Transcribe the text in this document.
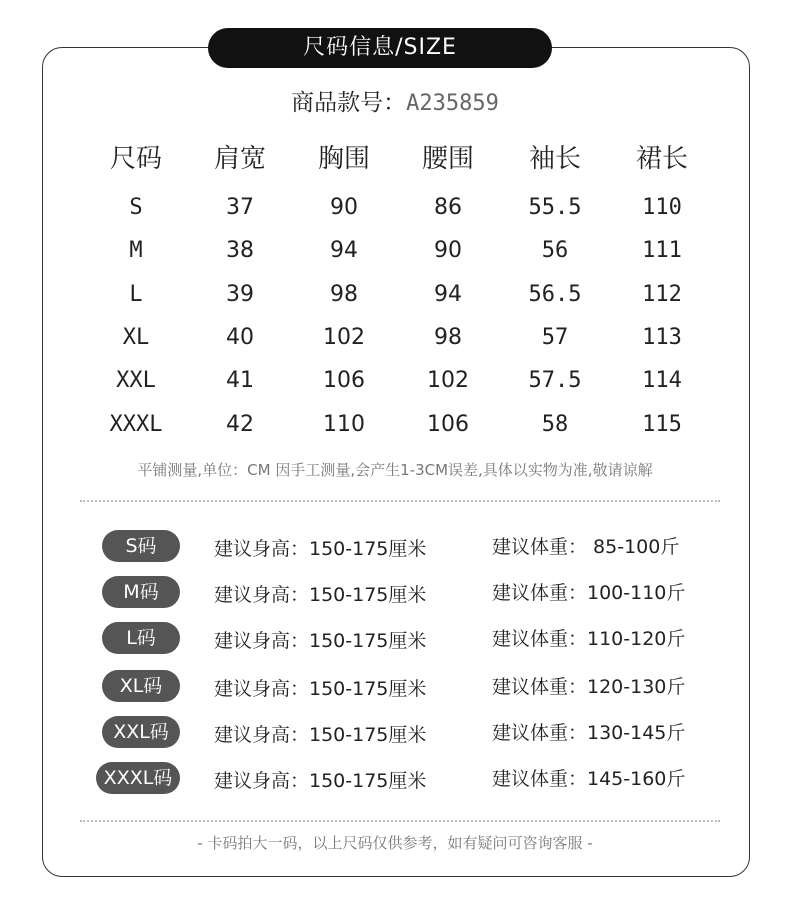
尺码信息/SIZE
商品款号：A235859
尺码	肩宽	胸围	腰围	袖长	裙长

S	37	90	86	55.5	110
M	38	94	90	56	111
L	39	98	94	56.5	112
XL	40	102	98	57	113
XXL	41	106	102	57.5	114
XXXL	42	110	106	58	115
平铺测量,单位：CM 因手工测量,会产生1-3CM误差,具体以实物为准,敬请谅解
S码	建议身高：150-175厘米	建议体重： 85-100斤
M码	建议身高：150-175厘米	建议体重：100-110斤
L码	建议身高：150-175厘米	建议体重：110-120斤
XL码	建议身高：150-175厘米	建议体重：120-130斤
XXL码	建议身高：150-175厘米	建议体重：130-145斤
XXXL码	建议身高：150-175厘米	建议体重：145-160斤
- 卡码拍大一码，以上尺码仅供参考，如有疑问可咨询客服 -
